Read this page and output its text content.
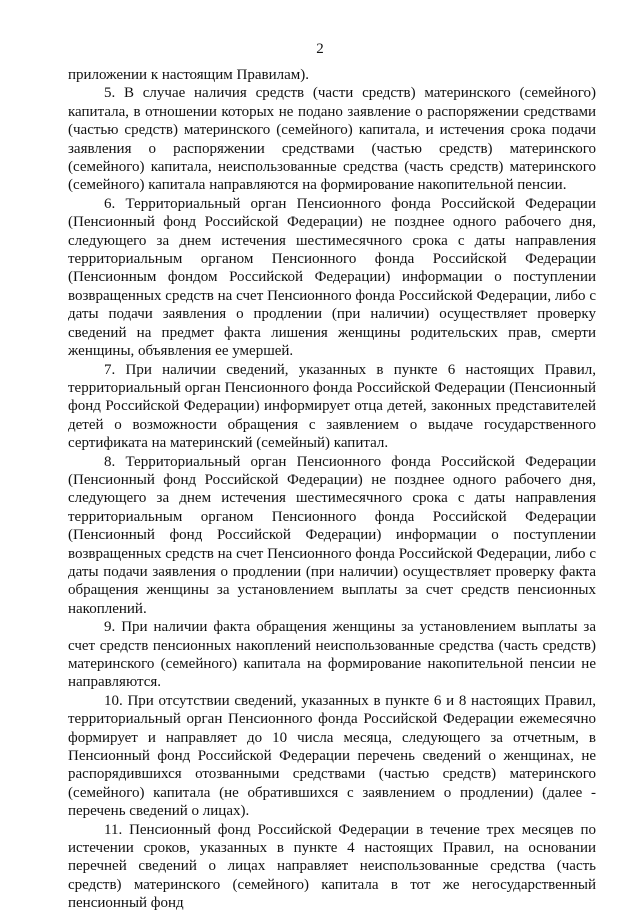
2

приложении к настоящим Правилам).

5. В случае наличия средств (части средств) материнского (семейного) капитала, в отношении которых не подано заявление о распоряжении средствами (частью средств) материнского (семейного) капитала, и истечения срока подачи заявления о распоряжении средствами (частью средств) материнского (семейного) капитала, неиспользованные средства (часть средств) материнского (семейного) капитала направляются на формирование накопительной пенсии.

6. Территориальный орган Пенсионного фонда Российской Федерации (Пенсионный фонд Российской Федерации) не позднее одного рабочего дня, следующего за днем истечения шестимесячного срока с даты направления территориальным органом Пенсионного фонда Российской Федерации (Пенсионным фондом Российской Федерации) информации о поступлении возвращенных средств на счет Пенсионного фонда Российской Федерации, либо с даты подачи заявления о продлении (при наличии) осуществляет проверку сведений на предмет факта лишения женщины родительских прав, смерти женщины, объявления ее умершей.

7. При наличии сведений, указанных в пункте 6 настоящих Правил, территориальный орган Пенсионного фонда Российской Федерации (Пенсионный фонд Российской Федерации) информирует отца детей, законных представителей детей о возможности обращения с заявлением о выдаче государственного сертификата на материнский (семейный) капитал.

8. Территориальный орган Пенсионного фонда Российской Федерации (Пенсионный фонд Российской Федерации) не позднее одного рабочего дня, следующего за днем истечения шестимесячного срока с даты направления территориальным органом Пенсионного фонда Российской Федерации (Пенсионный фонд Российской Федерации) информации о поступлении возвращенных средств на счет Пенсионного фонда Российской Федерации, либо с даты подачи заявления о продлении (при наличии) осуществляет проверку факта обращения женщины за установлением выплаты за счет средств пенсионных накоплений.

9. При наличии факта обращения женщины за установлением выплаты за счет средств пенсионных накоплений неиспользованные средства (часть средств) материнского (семейного) капитала на формирование накопительной пенсии не направляются.

10. При отсутствии сведений, указанных в пункте 6 и 8 настоящих Правил, территориальный орган Пенсионного фонда Российской Федерации ежемесячно формирует и направляет до 10 числа месяца, следующего за отчетным, в Пенсионный фонд Российской Федерации перечень сведений о женщинах, не распорядившихся отозванными средствами (частью средств) материнского (семейного) капитала (не обратившихся с заявлением о продлении) (далее - перечень сведений о лицах).

11. Пенсионный фонд Российской Федерации в течение трех месяцев по истечении сроков, указанных в пункте 4 настоящих Правил, на основании перечней сведений о лицах направляет неиспользованные средства (часть средств) материнского (семейного) капитала в тот же негосударственный пенсионный фонд
